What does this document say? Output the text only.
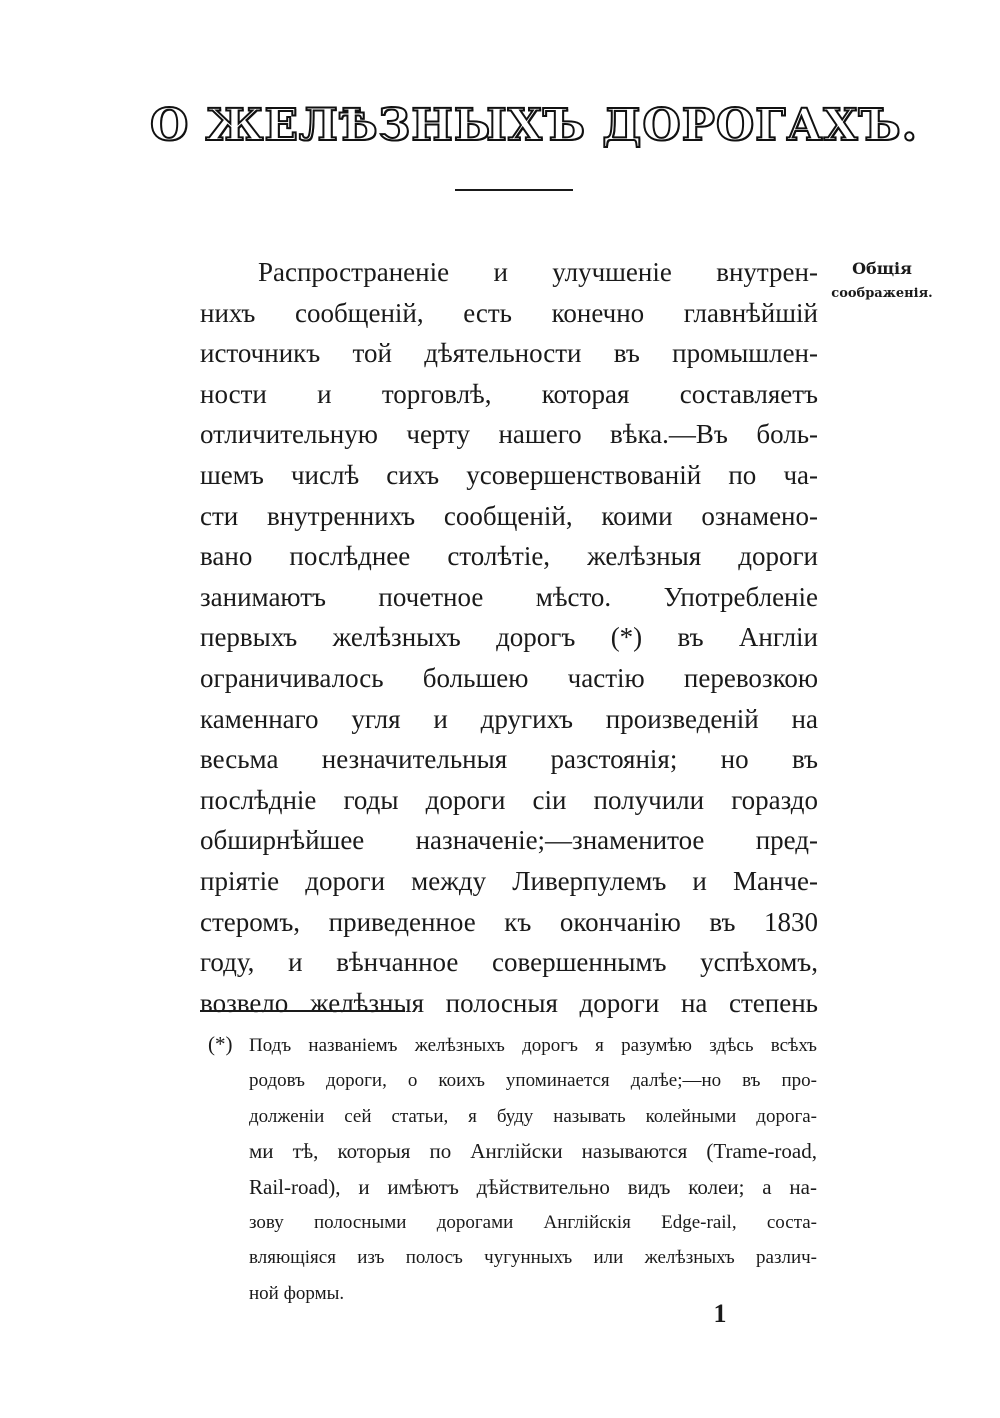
О ЖЕЛѢЗНЫХЪ ДОРОГАХЪ.
Общія
соображенія.
Распространеніе и улучшеніе внутрен-
нихъ сообщеній, есть конечно главнѣйшій
источникъ той дѣятельности въ промышлен-
ности и торговлѣ, которая составляетъ
отличительную черту нашего вѣка.—Въ боль-
шемъ числѣ сихъ усовершенствованій по ча-
сти внутреннихъ сообщеній, коими ознамено-
вано послѣднее столѣтіе, желѣзныя дороги
занимаютъ почетное мѣсто. Употребленіе
первыхъ желѣзныхъ дорогъ (*) въ Англіи
ограничивалось большею частію перевозкою
каменнаго угля и другихъ произведеній на
весьма незначительныя разстоянія; но въ
послѣдніе годы дороги сіи получили гораздо
обширнѣйшее назначеніе;—знаменитое пред-
пріятіе дороги между Ливерпулемъ и Манче-
стеромъ, приведенное къ окончанію въ 1830
году, и вѣнчанное совершеннымъ успѣхомъ,
возвело желѣзныя полосныя дороги на степень
(*) Подъ названіемъ желѣзныхъ дорогъ я разумѣю здѣсь всѣхъ
родовъ дороги, о коихъ упоминается далѣе;—но въ про-
долженіи сей статьи, я буду называть колейными дорога-
ми тѣ, которыя по Англійски называются (Trame-road,
Rail-road), и имѣютъ дѣйствительно видъ колеи; а на-
зову полосными дорогами Англійскія Edge-rail, соста-
вляющіяся изъ полосъ чугунныхъ или желѣзныхъ различ-
ной формы.
1
